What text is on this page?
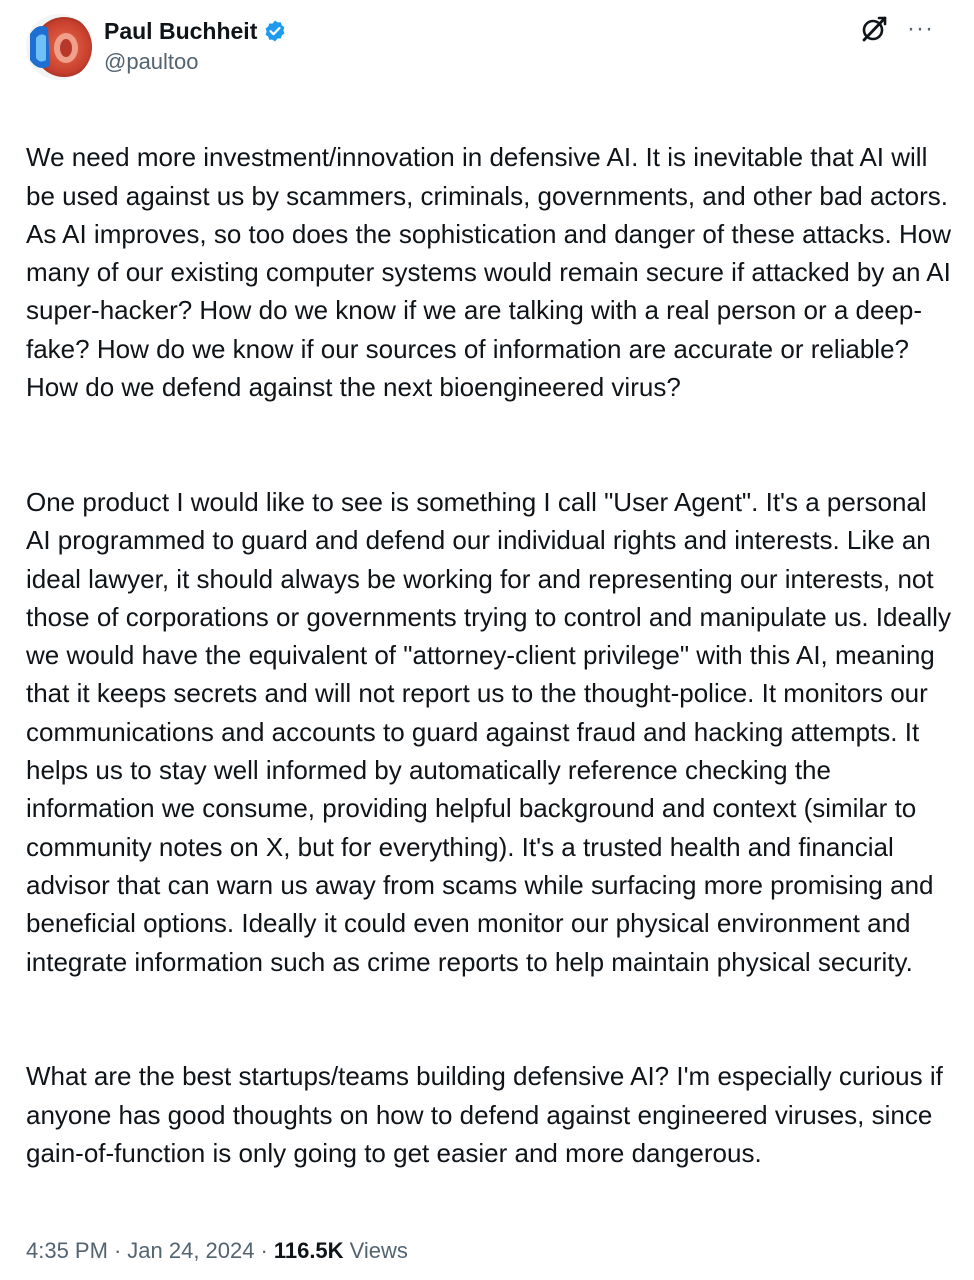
Paul Buchheit
@paultoo
···

We need more investment/innovation in defensive AI. It is inevitable that AI will be used against us by scammers, criminals, governments, and other bad actors. As AI improves, so too does the sophistication and danger of these attacks. How many of our existing computer systems would remain secure if attacked by an AI super-hacker? How do we know if we are talking with a real person or a deep-fake? How do we know if our sources of information are accurate or reliable? How do we defend against the next bioengineered virus?

One product I would like to see is something I call "User Agent". It's a personal AI programmed to guard and defend our individual rights and interests. Like an ideal lawyer, it should always be working for and representing our interests, not those of corporations or governments trying to control and manipulate us. Ideally we would have the equivalent of "attorney-client privilege" with this AI, meaning that it keeps secrets and will not report us to the thought-police. It monitors our communications and accounts to guard against fraud and hacking attempts. It helps us to stay well informed by automatically reference checking the information we consume, providing helpful background and context (similar to community notes on X, but for everything). It's a trusted health and financial advisor that can warn us away from scams while surfacing more promising and beneficial options. Ideally it could even monitor our physical environment and integrate information such as crime reports to help maintain physical security.

What are the best startups/teams building defensive AI? I'm especially curious if anyone has good thoughts on how to defend against engineered viruses, since gain-of-function is only going to get easier and more dangerous.

4:35 PM · Jan 24, 2024 · 116.5K Views
